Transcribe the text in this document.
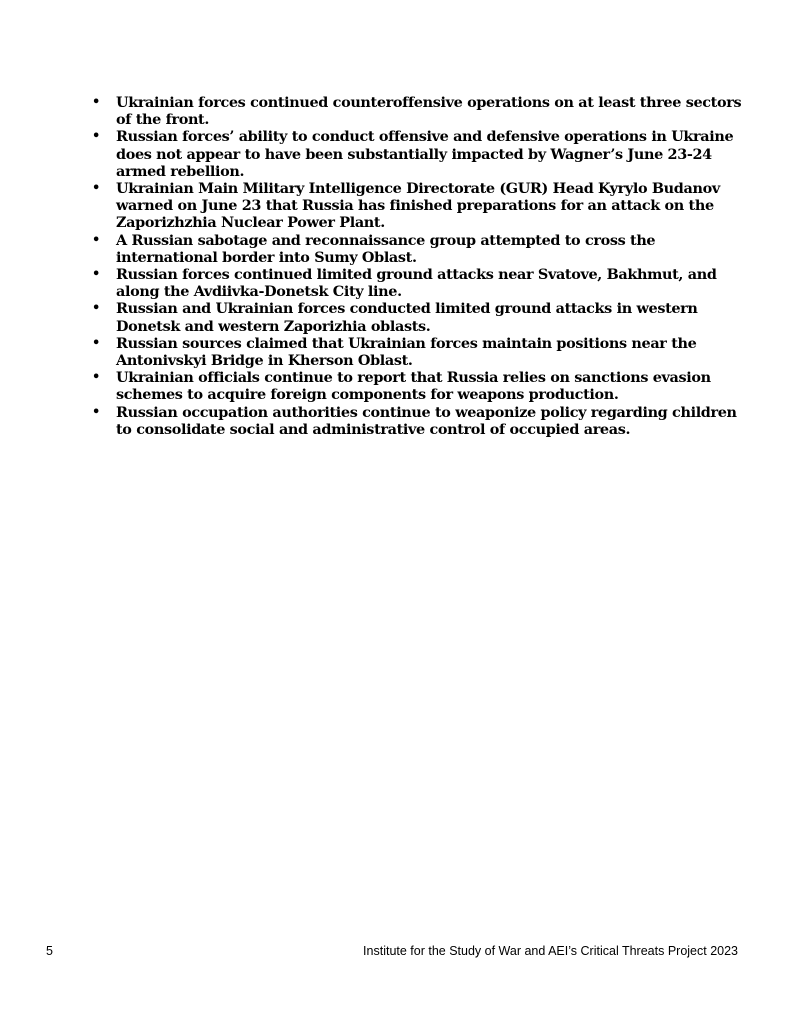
• Ukrainian forces continued counteroffensive operations on at least three sectors of the front.
• Russian forces’ ability to conduct offensive and defensive operations in Ukraine does not appear to have been substantially impacted by Wagner’s June 23-24 armed rebellion.
• Ukrainian Main Military Intelligence Directorate (GUR) Head Kyrylo Budanov warned on June 23 that Russia has finished preparations for an attack on the Zaporizhzhia Nuclear Power Plant.
• A Russian sabotage and reconnaissance group attempted to cross the international border into Sumy Oblast.
• Russian forces continued limited ground attacks near Svatove, Bakhmut, and along the Avdiivka-Donetsk City line.
• Russian and Ukrainian forces conducted limited ground attacks in western Donetsk and western Zaporizhia oblasts.
• Russian sources claimed that Ukrainian forces maintain positions near the Antonivskyi Bridge in Kherson Oblast.
• Ukrainian officials continue to report that Russia relies on sanctions evasion schemes to acquire foreign components for weapons production.
• Russian occupation authorities continue to weaponize policy regarding children to consolidate social and administrative control of occupied areas.
5	Institute for the Study of War and AEI’s Critical Threats Project 2023
